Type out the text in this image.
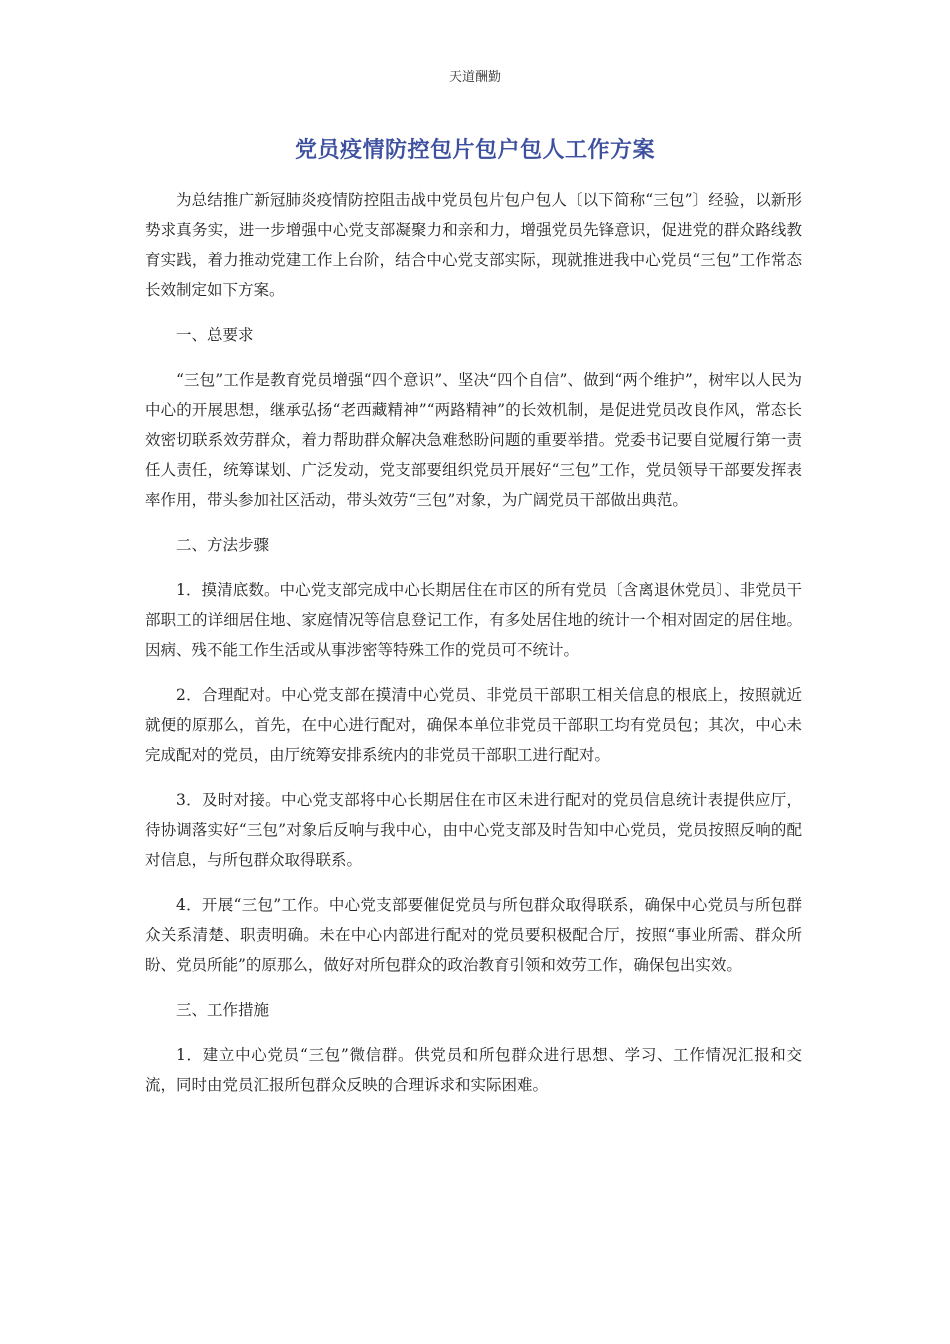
天道酬勤
党员疫情防控包片包户包人工作方案

为总结推广新冠肺炎疫情防控阻击战中党员包片包户包人〔以下简称“三包”〕经验，以新形势求真务实，进一步增强中心党支部凝聚力和亲和力，增强党员先锋意识，促进党的群众路线教育实践，着力推动党建工作上台阶，结合中心党支部实际，现就推进我中心党员“三包”工作常态长效制定如下方案。

一、总要求

“三包”工作是教育党员增强“四个意识”、坚决“四个自信”、做到“两个维护”，树牢以人民为中心的开展思想，继承弘扬“老西藏精神”“两路精神”的长效机制，是促进党员改良作风，常态长效密切联系效劳群众，着力帮助群众解决急难愁盼问题的重要举措。党委书记要自觉履行第一责任人责任，统筹谋划、广泛发动，党支部要组织党员开展好“三包”工作，党员领导干部要发挥表率作用，带头参加社区活动，带头效劳“三包”对象，为广阔党员干部做出典范。

二、方法步骤

1．摸清底数。中心党支部完成中心长期居住在市区的所有党员〔含离退休党员〕、非党员干部职工的详细居住地、家庭情况等信息登记工作，有多处居住地的统计一个相对固定的居住地。因病、残不能工作生活或从事涉密等特殊工作的党员可不统计。

2．合理配对。中心党支部在摸清中心党员、非党员干部职工相关信息的根底上，按照就近就便的原那么，首先，在中心进行配对，确保本单位非党员干部职工均有党员包；其次，中心未完成配对的党员，由厅统筹安排系统内的非党员干部职工进行配对。

3．及时对接。中心党支部将中心长期居住在市区未进行配对的党员信息统计表提供应厅，待协调落实好“三包”对象后反响与我中心，由中心党支部及时告知中心党员，党员按照反响的配对信息，与所包群众取得联系。

4．开展“三包”工作。中心党支部要催促党员与所包群众取得联系，确保中心党员与所包群众关系清楚、职责明确。未在中心内部进行配对的党员要积极配合厅，按照“事业所需、群众所盼、党员所能”的原那么，做好对所包群众的政治教育引领和效劳工作，确保包出实效。

三、工作措施

1．建立中心党员“三包”微信群。供党员和所包群众进行思想、学习、工作情况汇报和交流，同时由党员汇报所包群众反映的合理诉求和实际困难。
